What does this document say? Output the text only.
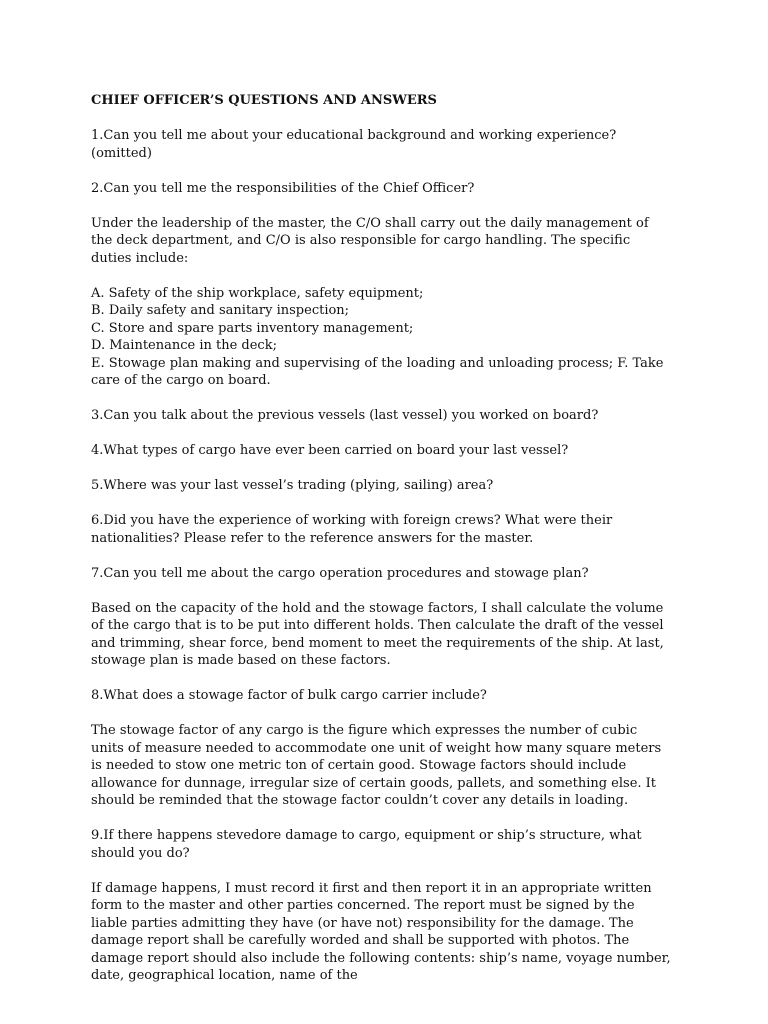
CHIEF OFFICER’S QUESTIONS AND ANSWERS

1.Can you tell me about your educational background and working experience? (omitted)

2.Can you tell me the responsibilities of the Chief Officer?

Under the leadership of the master, the C/O shall carry out the daily management of the deck department, and C/O is also responsible for cargo handling. The specific duties include:

A. Safety of the ship workplace, safety equipment;
B. Daily safety and sanitary inspection;
C. Store and spare parts inventory management;
D. Maintenance in the deck;
E. Stowage plan making and supervising of the loading and unloading process; F. Take care of the cargo on board.

3.Can you talk about the previous vessels (last vessel) you worked on board?

4.What types of cargo have ever been carried on board your last vessel?

5.Where was your last vessel’s trading (plying, sailing) area?

6.Did you have the experience of working with foreign crews? What were their nationalities? Please refer to the reference answers for the master.

7.Can you tell me about the cargo operation procedures and stowage plan?

Based on the capacity of the hold and the stowage factors, I shall calculate the volume of the cargo that is to be put into different holds. Then calculate the draft of the vessel and trimming, shear force, bend moment to meet the requirements of the ship. At last, stowage plan is made based on these factors.

8.What does a stowage factor of bulk cargo carrier include?

The stowage factor of any cargo is the figure which expresses the number of cubic units of measure needed to accommodate one unit of weight how many square meters is needed to stow one metric ton of certain good. Stowage factors should include allowance for dunnage, irregular size of certain goods, pallets, and something else. It should be reminded that the stowage factor couldn’t cover any details in loading.

9.If there happens stevedore damage to cargo, equipment or ship’s structure, what should you do?

If damage happens, I must record it first and then report it in an appropriate written form to the master and other parties concerned. The report must be signed by the liable parties admitting they have (or have not) responsibility for the damage. The damage report shall be carefully worded and shall be supported with photos. The damage report should also include the following contents: ship’s name, voyage number, date, geographical location, name of the
